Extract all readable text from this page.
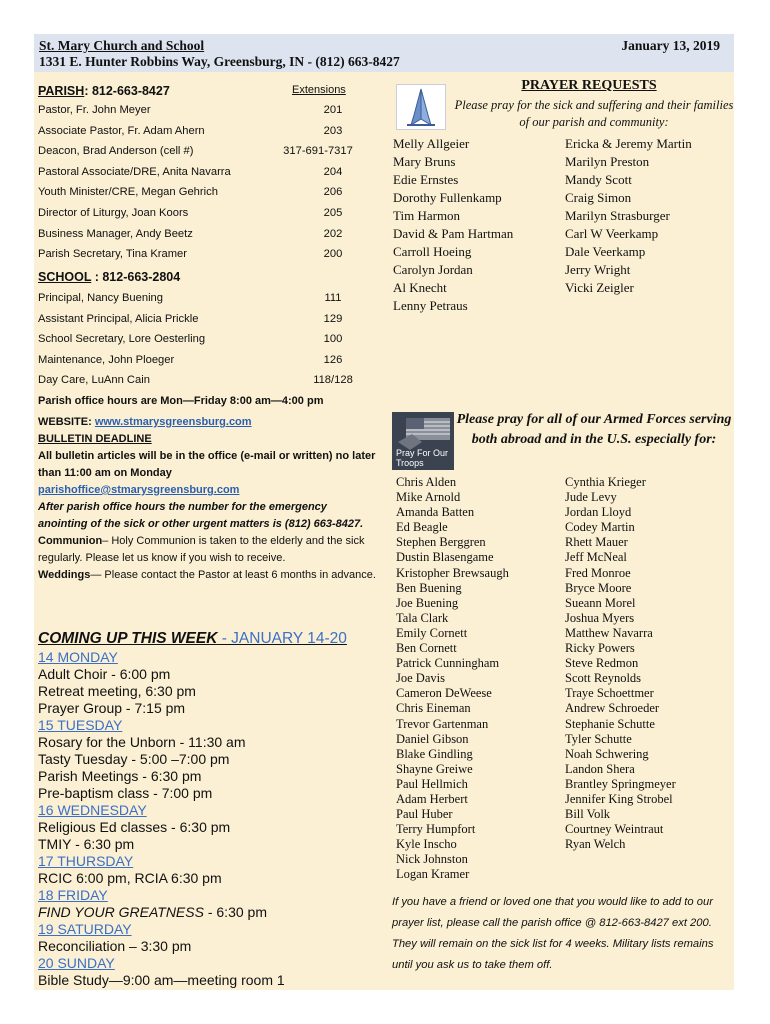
St. Mary Church and School	January 13, 2019
1331 E. Hunter Robbins Way, Greensburg, IN - (812) 663-8427
PARISH: 812-663-8427	Extensions
Pastor, Fr. John Meyer	201
Associate Pastor, Fr. Adam Ahern	203
Deacon, Brad Anderson (cell #)	317-691-7317
Pastoral Associate/DRE, Anita Navarra	204
Youth Minister/CRE, Megan Gehrich	206
Director of Liturgy, Joan Koors	205
Business Manager, Andy Beetz	202
Parish Secretary, Tina Kramer	200
SCHOOL : 812-663-2804
Principal, Nancy Buening	111
Assistant Principal, Alicia Prickle	129
School Secretary, Lore Oesterling	100
Maintenance, John Ploeger	126
Day Care, LuAnn Cain	118/128
Parish office hours are Mon—Friday 8:00 am—4:00 pm
WEBSITE: www.stmarysgreensburg.com
BULLETIN DEADLINE
All bulletin articles will be in the office (e-mail or written) no later than 11:00 am on Monday
parishoffice@stmarysgreensburg.com
After parish office hours the number for the emergency anointing of the sick or other urgent matters is (812) 663-8427.
Communion– Holy Communion is taken to the elderly and the sick regularly. Please let us know if you wish to receive.
Weddings— Please contact the Pastor at least 6 months in advance.
COMING UP THIS WEEK - JANUARY 14-20
14 MONDAY
Adult Choir - 6:00 pm
Retreat meeting, 6:30 pm
Prayer Group - 7:15 pm
15 TUESDAY
Rosary for the Unborn - 11:30 am
Tasty Tuesday - 5:00 –7:00 pm
Parish Meetings - 6:30 pm
Pre-baptism class - 7:00 pm
16 WEDNESDAY
Religious Ed classes - 6:30 pm
TMIY - 6:30 pm
17 THURSDAY
RCIC 6:00 pm, RCIA 6:30 pm
18 FRIDAY
FIND YOUR GREATNESS - 6:30 pm
19 SATURDAY
Reconciliation – 3:30 pm
20 SUNDAY
Bible Study—9:00 am—meeting room 1
PRAYER REQUESTS
Please pray for the sick and suffering and their families of our parish and community:
Melly Allgeier
Mary Bruns
Edie Ernstes
Dorothy Fullenkamp
Tim Harmon
David & Pam Hartman
Carroll Hoeing
Carolyn Jordan
Al Knecht
Lenny Petraus
Ericka & Jeremy Martin
Marilyn Preston
Mandy Scott
Craig Simon
Marilyn Strasburger
Carl W Veerkamp
Dale Veerkamp
Jerry Wright
Vicki Zeigler
Pray For Our Troops
Please pray for all of our Armed Forces serving both abroad and in the U.S. especially for:
Chris Alden
Mike Arnold
Amanda Batten
Ed Beagle
Stephen Berggren
Dustin Blasengame
Kristopher Brewsaugh
Ben Buening
Joe Buening
Tala Clark
Emily Cornett
Ben Cornett
Patrick Cunningham
Joe Davis
Cameron DeWeese
Chris Eineman
Trevor Gartenman
Daniel Gibson
Blake Gindling
Shayne Greiwe
Paul Hellmich
Adam Herbert
Paul Huber
Terry Humpfort
Kyle Inscho
Nick Johnston
Logan Kramer
Cynthia Krieger
Jude Levy
Jordan Lloyd
Codey Martin
Rhett Mauer
Jeff McNeal
Fred Monroe
Bryce Moore
Sueann Morel
Joshua Myers
Matthew Navarra
Ricky Powers
Steve Redmon
Scott Reynolds
Traye Schoettmer
Andrew Schroeder
Stephanie Schutte
Tyler Schutte
Noah Schwering
Landon Shera
Brantley Springmeyer
Jennifer King Strobel
Bill Volk
Courtney Weintraut
Ryan Welch
If you have a friend or loved one that you would like to add to our prayer list, please call the parish office @ 812-663-8427 ext 200. They will remain on the sick list for 4 weeks. Military lists remains until you ask us to take them off.
